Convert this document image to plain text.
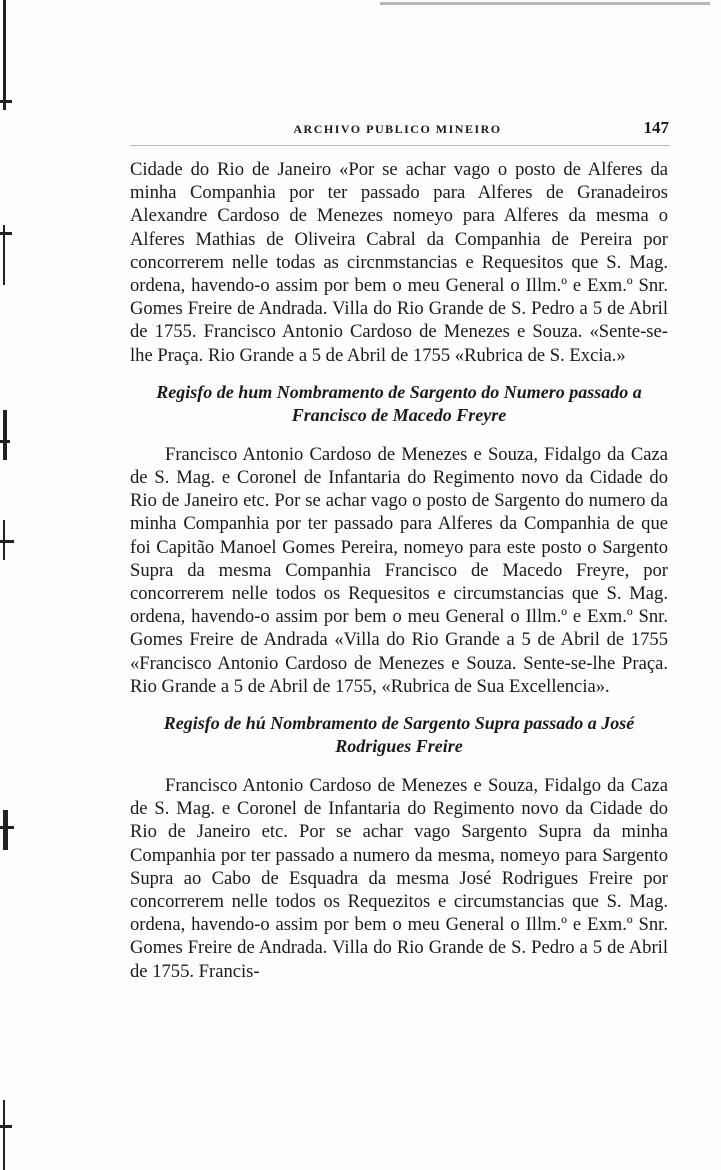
ARCHIVO PUBLICO MINEIRO	147

Cidade do Rio de Janeiro «Por se achar vago o posto de Alferes da minha Companhia por ter passado para Alferes de Granadeiros Alexandre Cardoso de Menezes nomeyo para Alferes da mesma o Alferes Mathias de Oliveira Cabral da Companhia de Pereira por concorrerem nelle todas as circnmstancias e Requesitos que S. Mag. ordena, havendo-o assim por bem o meu General o Illm.º e Exm.º Snr. Gomes Freire de Andrada. Villa do Rio Grande de S. Pedro a 5 de Abril de 1755. Francisco Antonio Cardoso de Menezes e Souza. «Sente-se-lhe Praça. Rio Grande a 5 de Abril de 1755 «Rubrica de S. Excia.»

Regisfo de hum Nombramento de Sargento do Numero passado a Francisco de Macedo Freyre

Francisco Antonio Cardoso de Menezes e Souza, Fidalgo da Caza de S. Mag. e Coronel de Infantaria do Regimento novo da Cidade do Rio de Janeiro etc. Por se achar vago o posto de Sargento do numero da minha Companhia por ter passado para Alferes da Companhia de que foi Capitão Manoel Gomes Pereira, nomeyo para este posto o Sargento Supra da mesma Companhia Francisco de Macedo Freyre, por concorrerem nelle todos os Requesitos e circumstancias que S. Mag. ordena, havendo-o assim por bem o meu General o Illm.º e Exm.º Snr. Gomes Freire de Andrada «Villa do Rio Grande a 5 de Abril de 1755 «Francisco Antonio Cardoso de Menezes e Souza. Sente-se-lhe Praça. Rio Grande a 5 de Abril de 1755, «Rubrica de Sua Excellencia».

Regisfo de hú Nombramento de Sargento Supra passado a José Rodrigues Freire

Francisco Antonio Cardoso de Menezes e Souza, Fidalgo da Caza de S. Mag. e Coronel de Infantaria do Regimento novo da Cidade do Rio de Janeiro etc. Por se achar vago Sargento Supra da minha Companhia por ter passado a numero da mesma, nomeyo para Sargento Supra ao Cabo de Esquadra da mesma José Rodrigues Freire por concorrerem nelle todos os Requezitos e circumstancias que S. Mag. ordena, havendo-o assim por bem o meu General o Illm.º e Exm.º Snr. Gomes Freire de Andrada. Villa do Rio Grande de S. Pedro a 5 de Abril de 1755. Francis-
